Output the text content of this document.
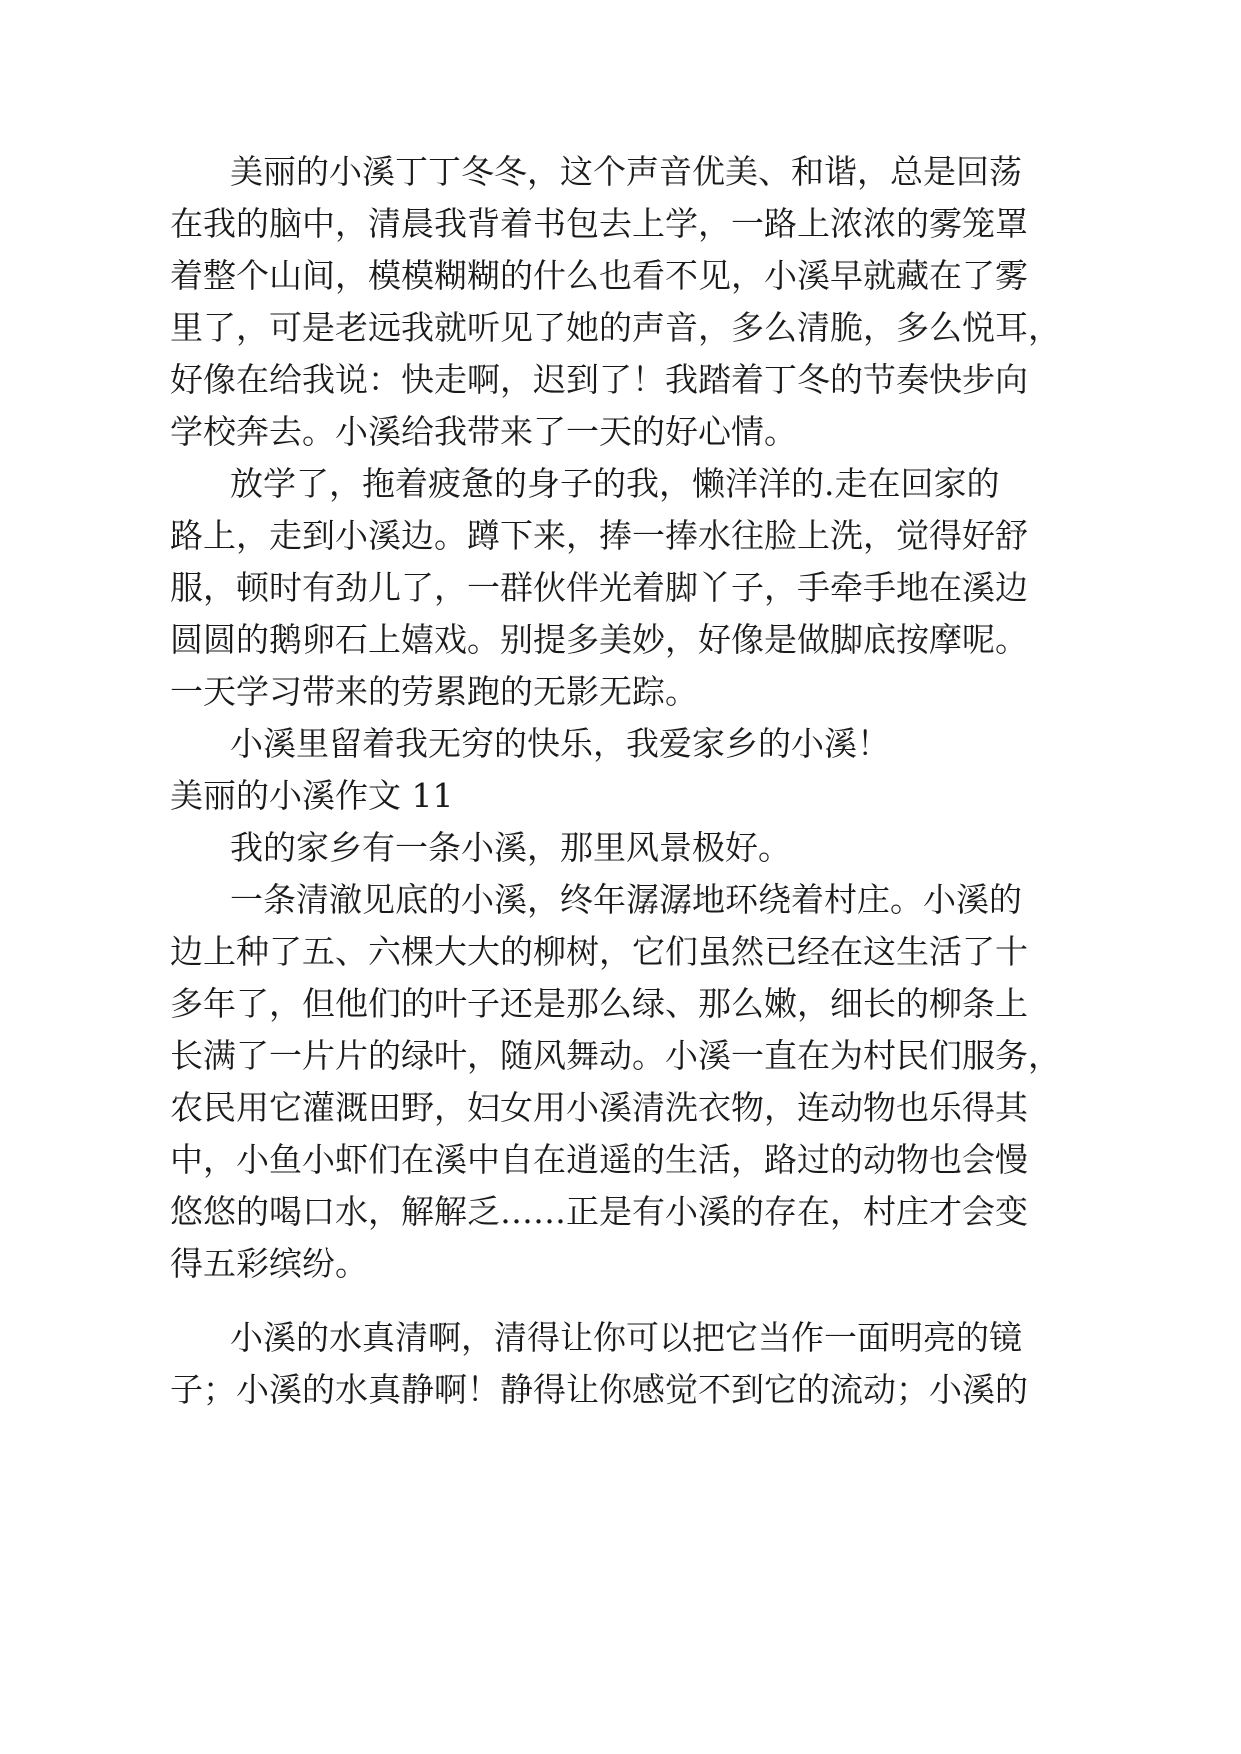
美丽的小溪丁丁冬冬，这个声音优美、和谐，总是回荡
在我的脑中，清晨我背着书包去上学，一路上浓浓的雾笼罩
着整个山间，模模糊糊的什么也看不见，小溪早就藏在了雾
里了，可是老远我就听见了她的声音，多么清脆，多么悦耳，
好像在给我说：快走啊，迟到了！我踏着丁冬的节奏快步向
学校奔去。小溪给我带来了一天的好心情。
放学了，拖着疲惫的身子的我，懒洋洋的.走在回家的
路上，走到小溪边。蹲下来，捧一捧水往脸上洗，觉得好舒
服，顿时有劲儿了，一群伙伴光着脚丫子，手牵手地在溪边
圆圆的鹅卵石上嬉戏。别提多美妙，好像是做脚底按摩呢。
一天学习带来的劳累跑的无影无踪。
小溪里留着我无穷的快乐，我爱家乡的小溪！
美丽的小溪作文 11
我的家乡有一条小溪，那里风景极好。
一条清澈见底的小溪，终年潺潺地环绕着村庄。小溪的
边上种了五、六棵大大的柳树，它们虽然已经在这生活了十
多年了，但他们的叶子还是那么绿、那么嫩，细长的柳条上
长满了一片片的绿叶，随风舞动。小溪一直在为村民们服务，
农民用它灌溉田野，妇女用小溪清洗衣物，连动物也乐得其
中，小鱼小虾们在溪中自在逍遥的生活，路过的动物也会慢
悠悠的喝口水，解解乏……正是有小溪的存在，村庄才会变
得五彩缤纷。
小溪的水真清啊，清得让你可以把它当作一面明亮的镜
子；小溪的水真静啊！静得让你感觉不到它的流动；小溪的
